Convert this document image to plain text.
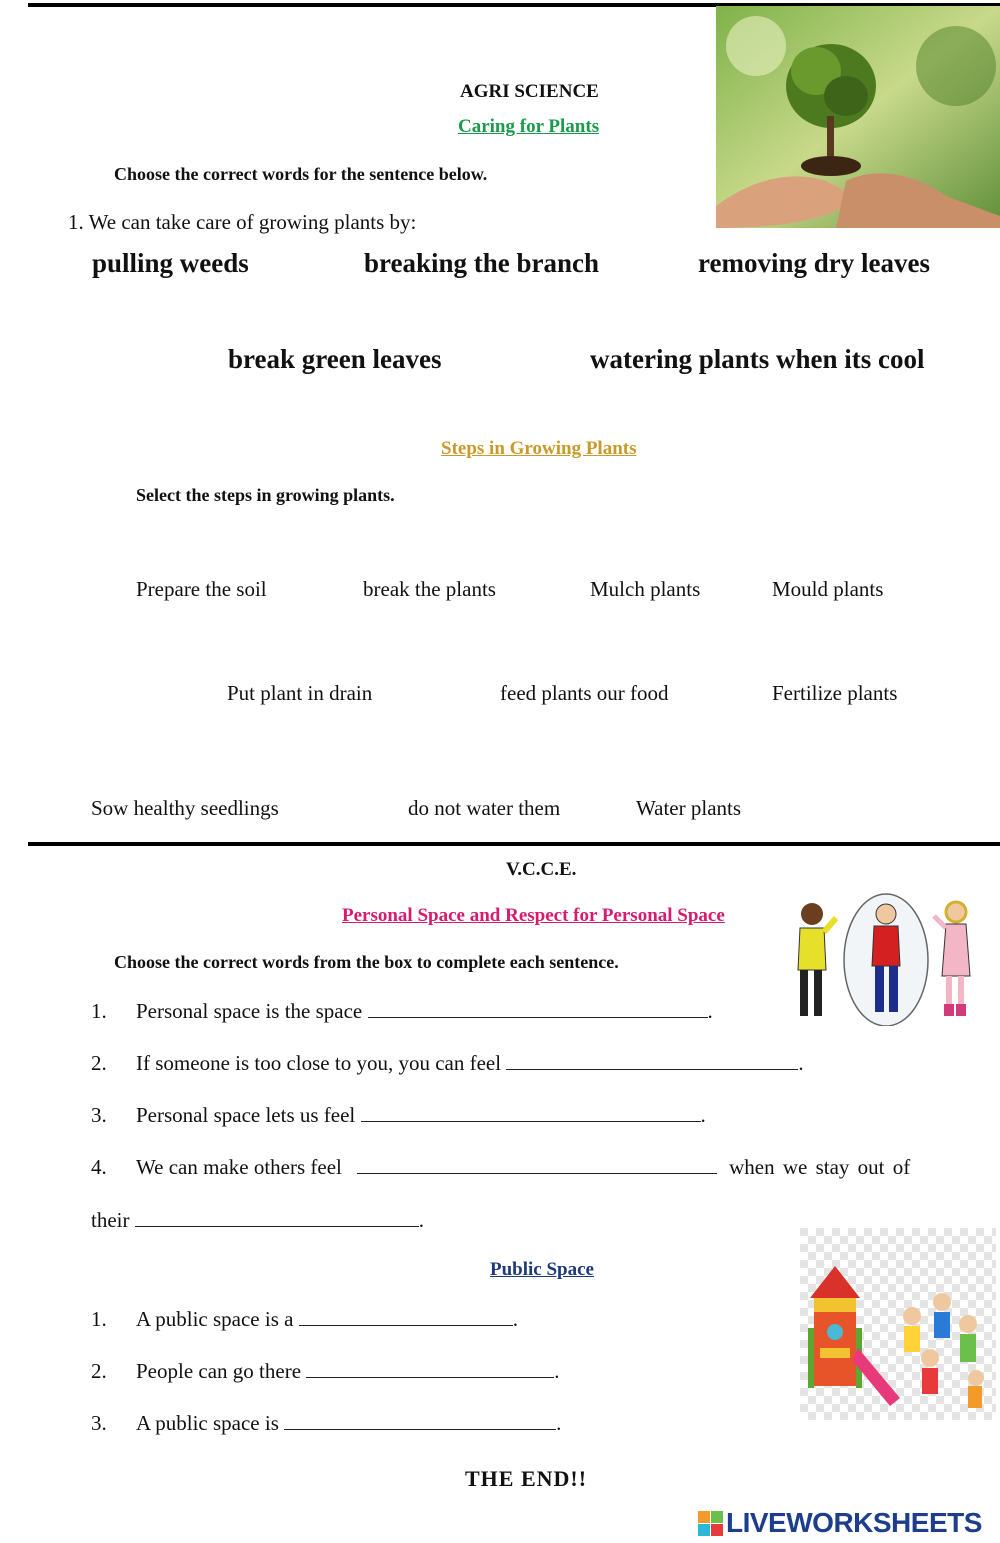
AGRI SCIENCE
Caring for Plants
Choose the correct words for the sentence below.
1. We can take care of growing plants by:
pulling weeds	breaking the branch	removing dry leaves
break green leaves	watering plants when its cool
Steps in Growing Plants
Select the steps in growing plants.
Prepare the soil	break the plants	Mulch plants	Mould plants
Put plant in drain	feed plants our food	Fertilize plants
Sow healthy seedlings	do not water them	Water plants
V.C.C.E.
Personal Space and Respect for Personal Space
Choose the correct words from the box to complete each sentence.
1. Personal space is the space	.
2. If someone is too close to you, you can feel	.
3. Personal space lets us feel	.
4. We can make others feel	when we stay out of
their	.
Public Space
1. A public space is a	.
2. People can go there	.
3. A public space is	.
THE END!!
LIVEWORKSHEETS
